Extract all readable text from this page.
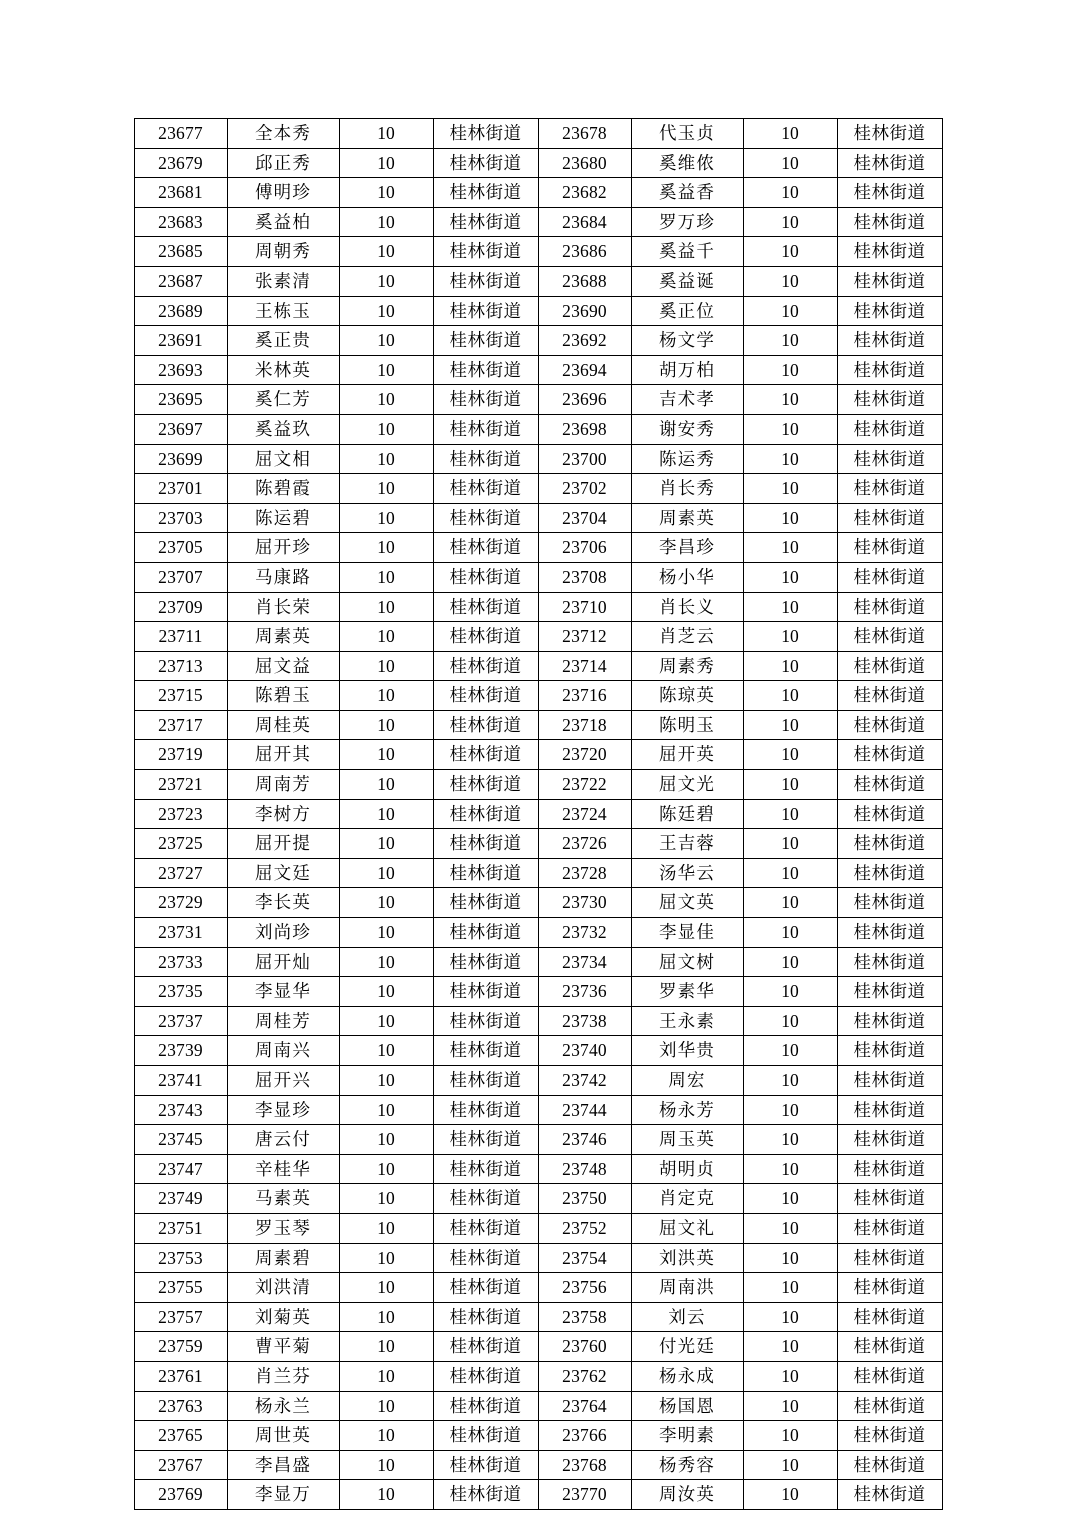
23677	全本秀	10	桂林街道	23678	代玉贞	10	桂林街道
23679	邱正秀	10	桂林街道	23680	奚维侬	10	桂林街道
23681	傅明珍	10	桂林街道	23682	奚益香	10	桂林街道
23683	奚益柏	10	桂林街道	23684	罗万珍	10	桂林街道
23685	周朝秀	10	桂林街道	23686	奚益千	10	桂林街道
23687	张素清	10	桂林街道	23688	奚益诞	10	桂林街道
23689	王栋玉	10	桂林街道	23690	奚正位	10	桂林街道
23691	奚正贵	10	桂林街道	23692	杨文学	10	桂林街道
23693	米林英	10	桂林街道	23694	胡万柏	10	桂林街道
23695	奚仁芳	10	桂林街道	23696	吉术孝	10	桂林街道
23697	奚益玖	10	桂林街道	23698	谢安秀	10	桂林街道
23699	屈文相	10	桂林街道	23700	陈运秀	10	桂林街道
23701	陈碧霞	10	桂林街道	23702	肖长秀	10	桂林街道
23703	陈运碧	10	桂林街道	23704	周素英	10	桂林街道
23705	屈开珍	10	桂林街道	23706	李昌珍	10	桂林街道
23707	马康路	10	桂林街道	23708	杨小华	10	桂林街道
23709	肖长荣	10	桂林街道	23710	肖长义	10	桂林街道
23711	周素英	10	桂林街道	23712	肖芝云	10	桂林街道
23713	屈文益	10	桂林街道	23714	周素秀	10	桂林街道
23715	陈碧玉	10	桂林街道	23716	陈琼英	10	桂林街道
23717	周桂英	10	桂林街道	23718	陈明玉	10	桂林街道
23719	屈开其	10	桂林街道	23720	屈开英	10	桂林街道
23721	周南芳	10	桂林街道	23722	屈文光	10	桂林街道
23723	李树方	10	桂林街道	23724	陈廷碧	10	桂林街道
23725	屈开提	10	桂林街道	23726	王吉蓉	10	桂林街道
23727	屈文廷	10	桂林街道	23728	汤华云	10	桂林街道
23729	李长英	10	桂林街道	23730	屈文英	10	桂林街道
23731	刘尚珍	10	桂林街道	23732	李显佳	10	桂林街道
23733	屈开灿	10	桂林街道	23734	屈文树	10	桂林街道
23735	李显华	10	桂林街道	23736	罗素华	10	桂林街道
23737	周桂芳	10	桂林街道	23738	王永素	10	桂林街道
23739	周南兴	10	桂林街道	23740	刘华贵	10	桂林街道
23741	屈开兴	10	桂林街道	23742	周宏	10	桂林街道
23743	李显珍	10	桂林街道	23744	杨永芳	10	桂林街道
23745	唐云付	10	桂林街道	23746	周玉英	10	桂林街道
23747	辛桂华	10	桂林街道	23748	胡明贞	10	桂林街道
23749	马素英	10	桂林街道	23750	肖定克	10	桂林街道
23751	罗玉琴	10	桂林街道	23752	屈文礼	10	桂林街道
23753	周素碧	10	桂林街道	23754	刘洪英	10	桂林街道
23755	刘洪清	10	桂林街道	23756	周南洪	10	桂林街道
23757	刘菊英	10	桂林街道	23758	刘云	10	桂林街道
23759	曹平菊	10	桂林街道	23760	付光廷	10	桂林街道
23761	肖兰芬	10	桂林街道	23762	杨永成	10	桂林街道
23763	杨永兰	10	桂林街道	23764	杨国恩	10	桂林街道
23765	周世英	10	桂林街道	23766	李明素	10	桂林街道
23767	李昌盛	10	桂林街道	23768	杨秀容	10	桂林街道
23769	李显万	10	桂林街道	23770	周汝英	10	桂林街道
